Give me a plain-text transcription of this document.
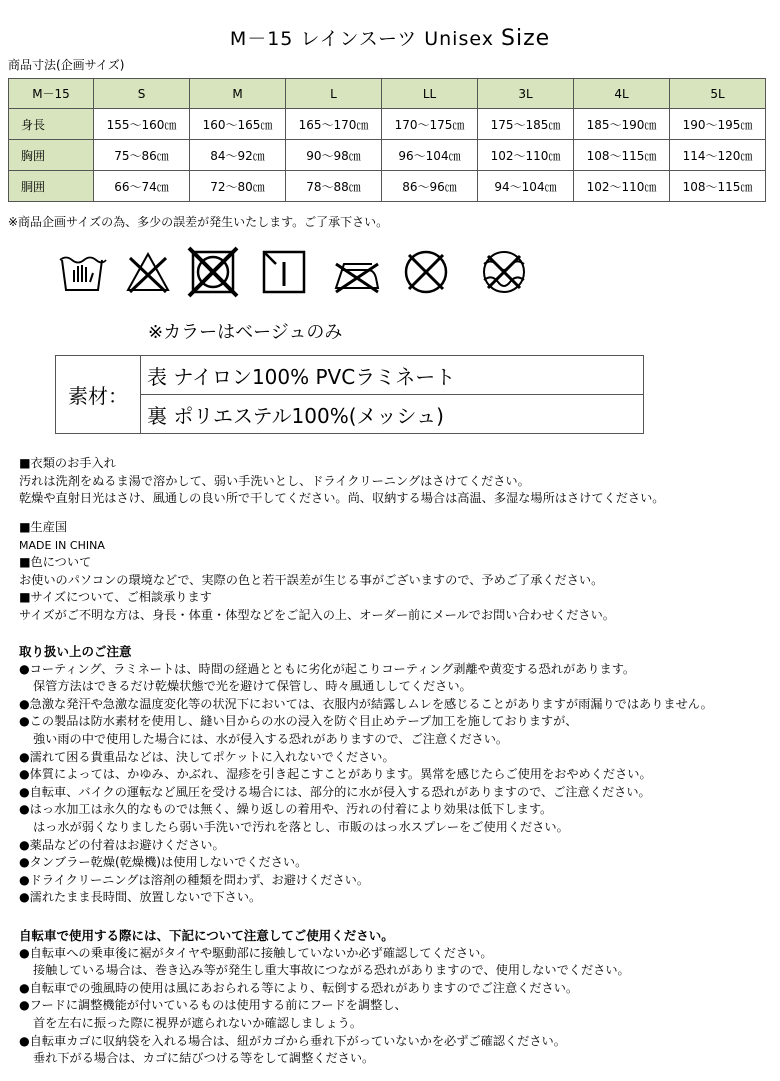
M－15 レインスーツ Unisex Size
商品寸法(企画サイズ)
M－15	S	M	L	LL	3L	4L	5L
身長	155～160㎝	160～165㎝	165～170㎝	170～175㎝	175～185㎝	185～190㎝	190～195㎝
胸囲	75～86㎝	84～92㎝	90～98㎝	96～104㎝	102～110㎝	108～115㎝	114～120㎝
胴囲	66～74㎝	72～80㎝	78～88㎝	86～96㎝	94～104㎝	102～110㎝	108～115㎝
※商品企画サイズの為、多少の誤差が発生いたします。ご了承下さい。
※カラーはベージュのみ
素材：	表 ナイロン100% PVCラミネート
裏 ポリエステル100%(メッシュ)
■衣類のお手入れ
汚れは洗剤をぬるま湯で溶かして、弱い手洗いとし、ドライクリーニングはさけてください。
乾燥や直射日光はさけ、風通しの良い所で干してください。尚、収納する場合は高温、多湿な場所はさけてください。
■生産国
MADE IN CHINA
■色について
お使いのパソコンの環境などで、実際の色と若干誤差が生じる事がございますので、予めご了承ください。
■サイズについて、ご相談承ります
サイズがご不明な方は、身長・体重・体型などをご記入の上、オーダー前にメールでお問い合わせください。
取り扱い上のご注意
●コーティング、ラミネートは、時間の経過とともに劣化が起こりコーティング剥離や黄変する恐れがあります。
保管方法はできるだけ乾燥状態で光を避けて保管し、時々風通ししてください。
●急激な発汗や急激な温度変化等の状況下においては、衣服内が結露しムレを感じることがありますが雨漏りではありません。
●この製品は防水素材を使用し、縫い目からの水の浸入を防ぐ目止めテープ加工を施しておりますが、
強い雨の中で使用した場合には、水が侵入する恐れがありますので、ご注意ください。
●濡れて困る貴重品などは、決してポケットに入れないでください。
●体質によっては、かゆみ、かぶれ、湿疹を引き起こすことがあります。異常を感じたらご使用をおやめください。
●自転車、バイクの運転など風圧を受ける場合には、部分的に水が侵入する恐れがありますので、ご注意ください。
●はっ水加工は永久的なものでは無く、繰り返しの着用や、汚れの付着により効果は低下します。
はっ水が弱くなりましたら弱い手洗いで汚れを落とし、市販のはっ水スプレーをご使用ください。
●薬品などの付着はお避けください。
●タンブラー乾燥(乾燥機)は使用しないでください。
●ドライクリーニングは溶剤の種類を問わず、お避けください。
●濡れたまま長時間、放置しないで下さい。
自転車で使用する際には、下記について注意してご使用ください。
●自転車への乗車後に裾がタイヤや駆動部に接触していないか必ず確認してください。
接触している場合は、巻き込み等が発生し重大事故につながる恐れがありますので、使用しないでください。
●自転車での強風時の使用は風にあおられる等により、転倒する恐れがありますのでご注意ください。
●フードに調整機能が付いているものは使用する前にフードを調整し、
首を左右に振った際に視界が遮られないか確認しましょう。
●自転車カゴに収納袋を入れる場合は、紐がカゴから垂れ下がっていないかを必ずご確認ください。
垂れ下がる場合は、カゴに結びつける等をして調整ください。
